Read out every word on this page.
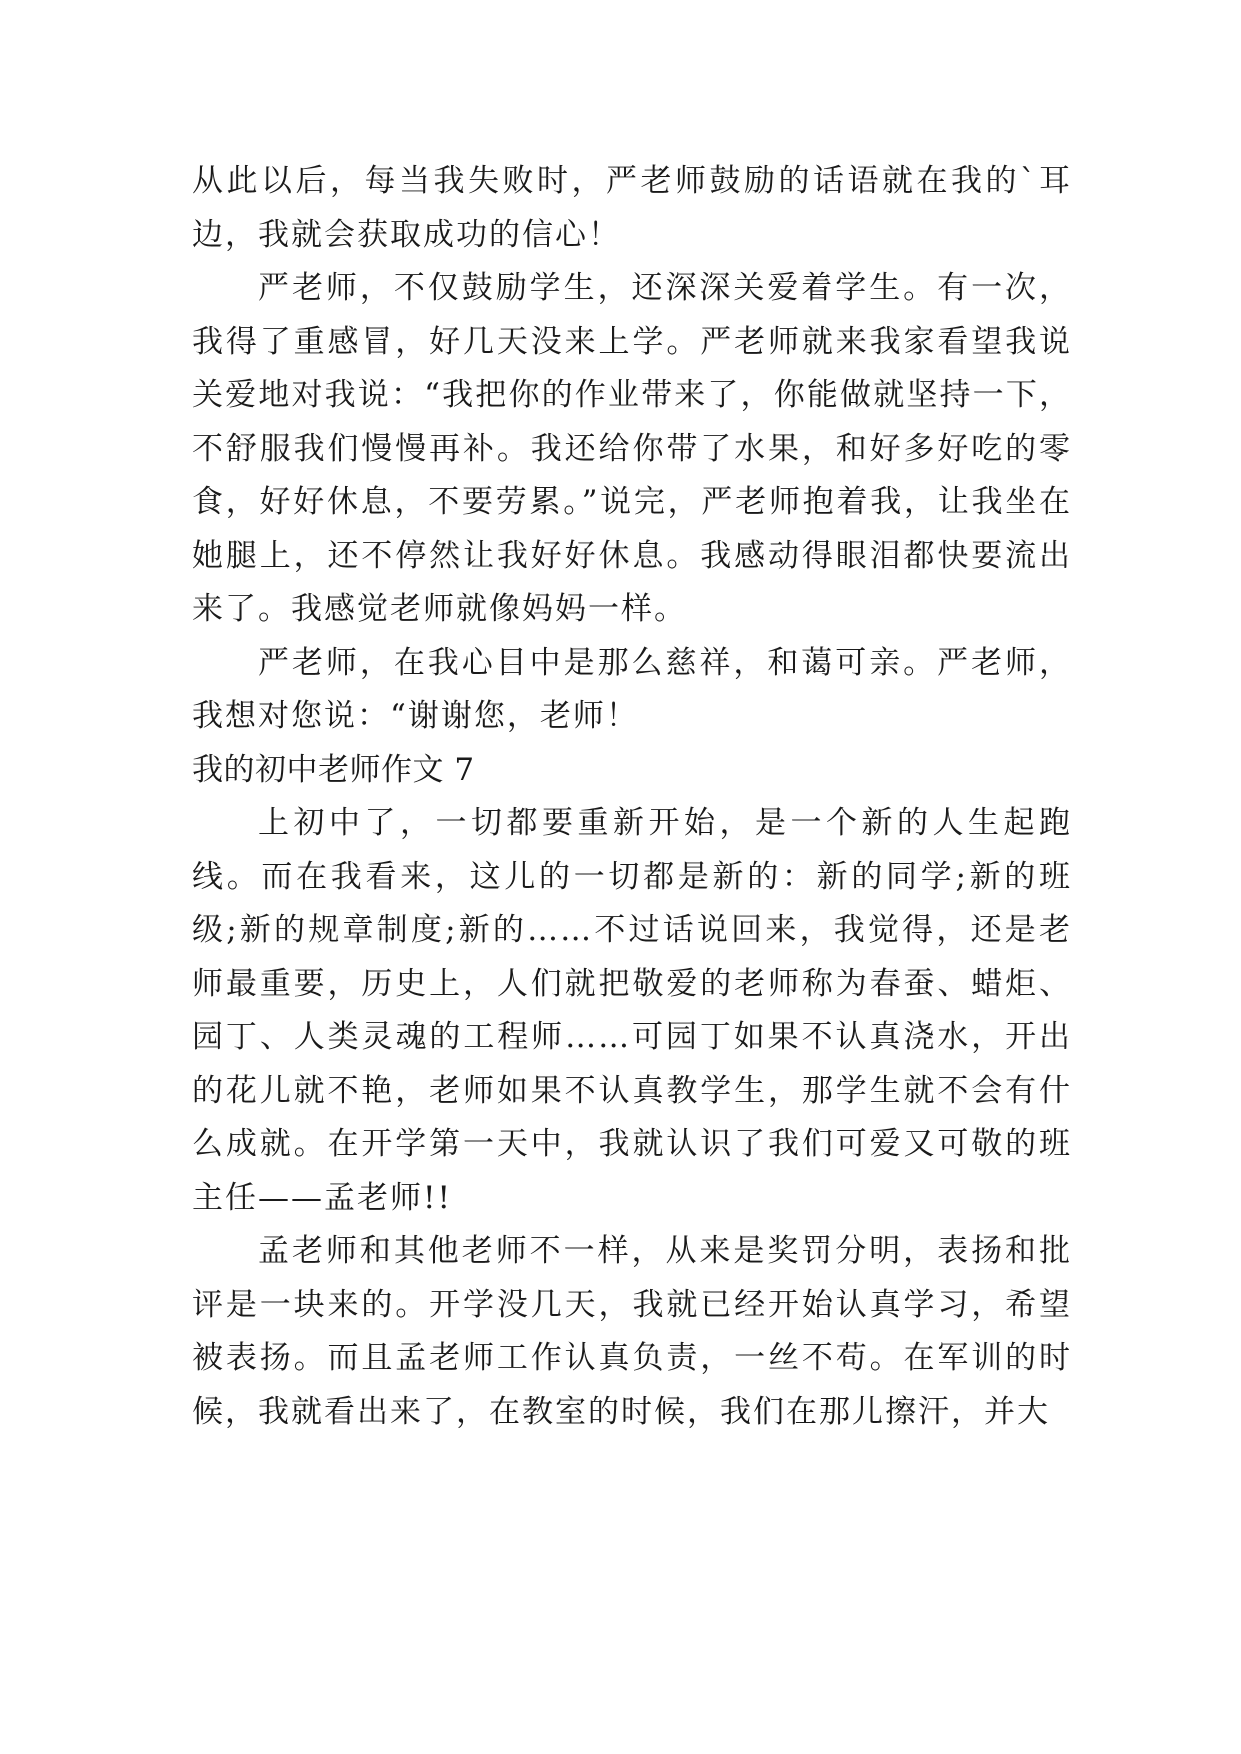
从此以后，每当我失败时，严老师鼓励的话语就在我的`耳边，我就会获取成功的信心！

严老师，不仅鼓励学生，还深深关爱着学生。有一次，我得了重感冒，好几天没来上学。严老师就来我家看望我说关爱地对我说：“我把你的作业带来了，你能做就坚持一下，不舒服我们慢慢再补。我还给你带了水果，和好多好吃的零食，好好休息，不要劳累。”说完，严老师抱着我，让我坐在她腿上，还不停然让我好好休息。我感动得眼泪都快要流出来了。我感觉老师就像妈妈一样。

严老师，在我心目中是那么慈祥，和蔼可亲。严老师，我想对您说：“谢谢您，老师！

我的初中老师作文 7

上初中了，一切都要重新开始，是一个新的人生起跑线。而在我看来，这儿的一切都是新的：新的同学;新的班级;新的规章制度;新的……不过话说回来，我觉得，还是老师最重要，历史上，人们就把敬爱的老师称为春蚕、蜡炬、园丁、人类灵魂的工程师……可园丁如果不认真浇水，开出的花儿就不艳，老师如果不认真教学生，那学生就不会有什么成就。在开学第一天中，我就认识了我们可爱又可敬的班主任——孟老师!!

孟老师和其他老师不一样，从来是奖罚分明，表扬和批评是一块来的。开学没几天，我就已经开始认真学习，希望被表扬。而且孟老师工作认真负责，一丝不苟。在军训的时候，我就看出来了，在教室的时候，我们在那儿擦汗，并大
